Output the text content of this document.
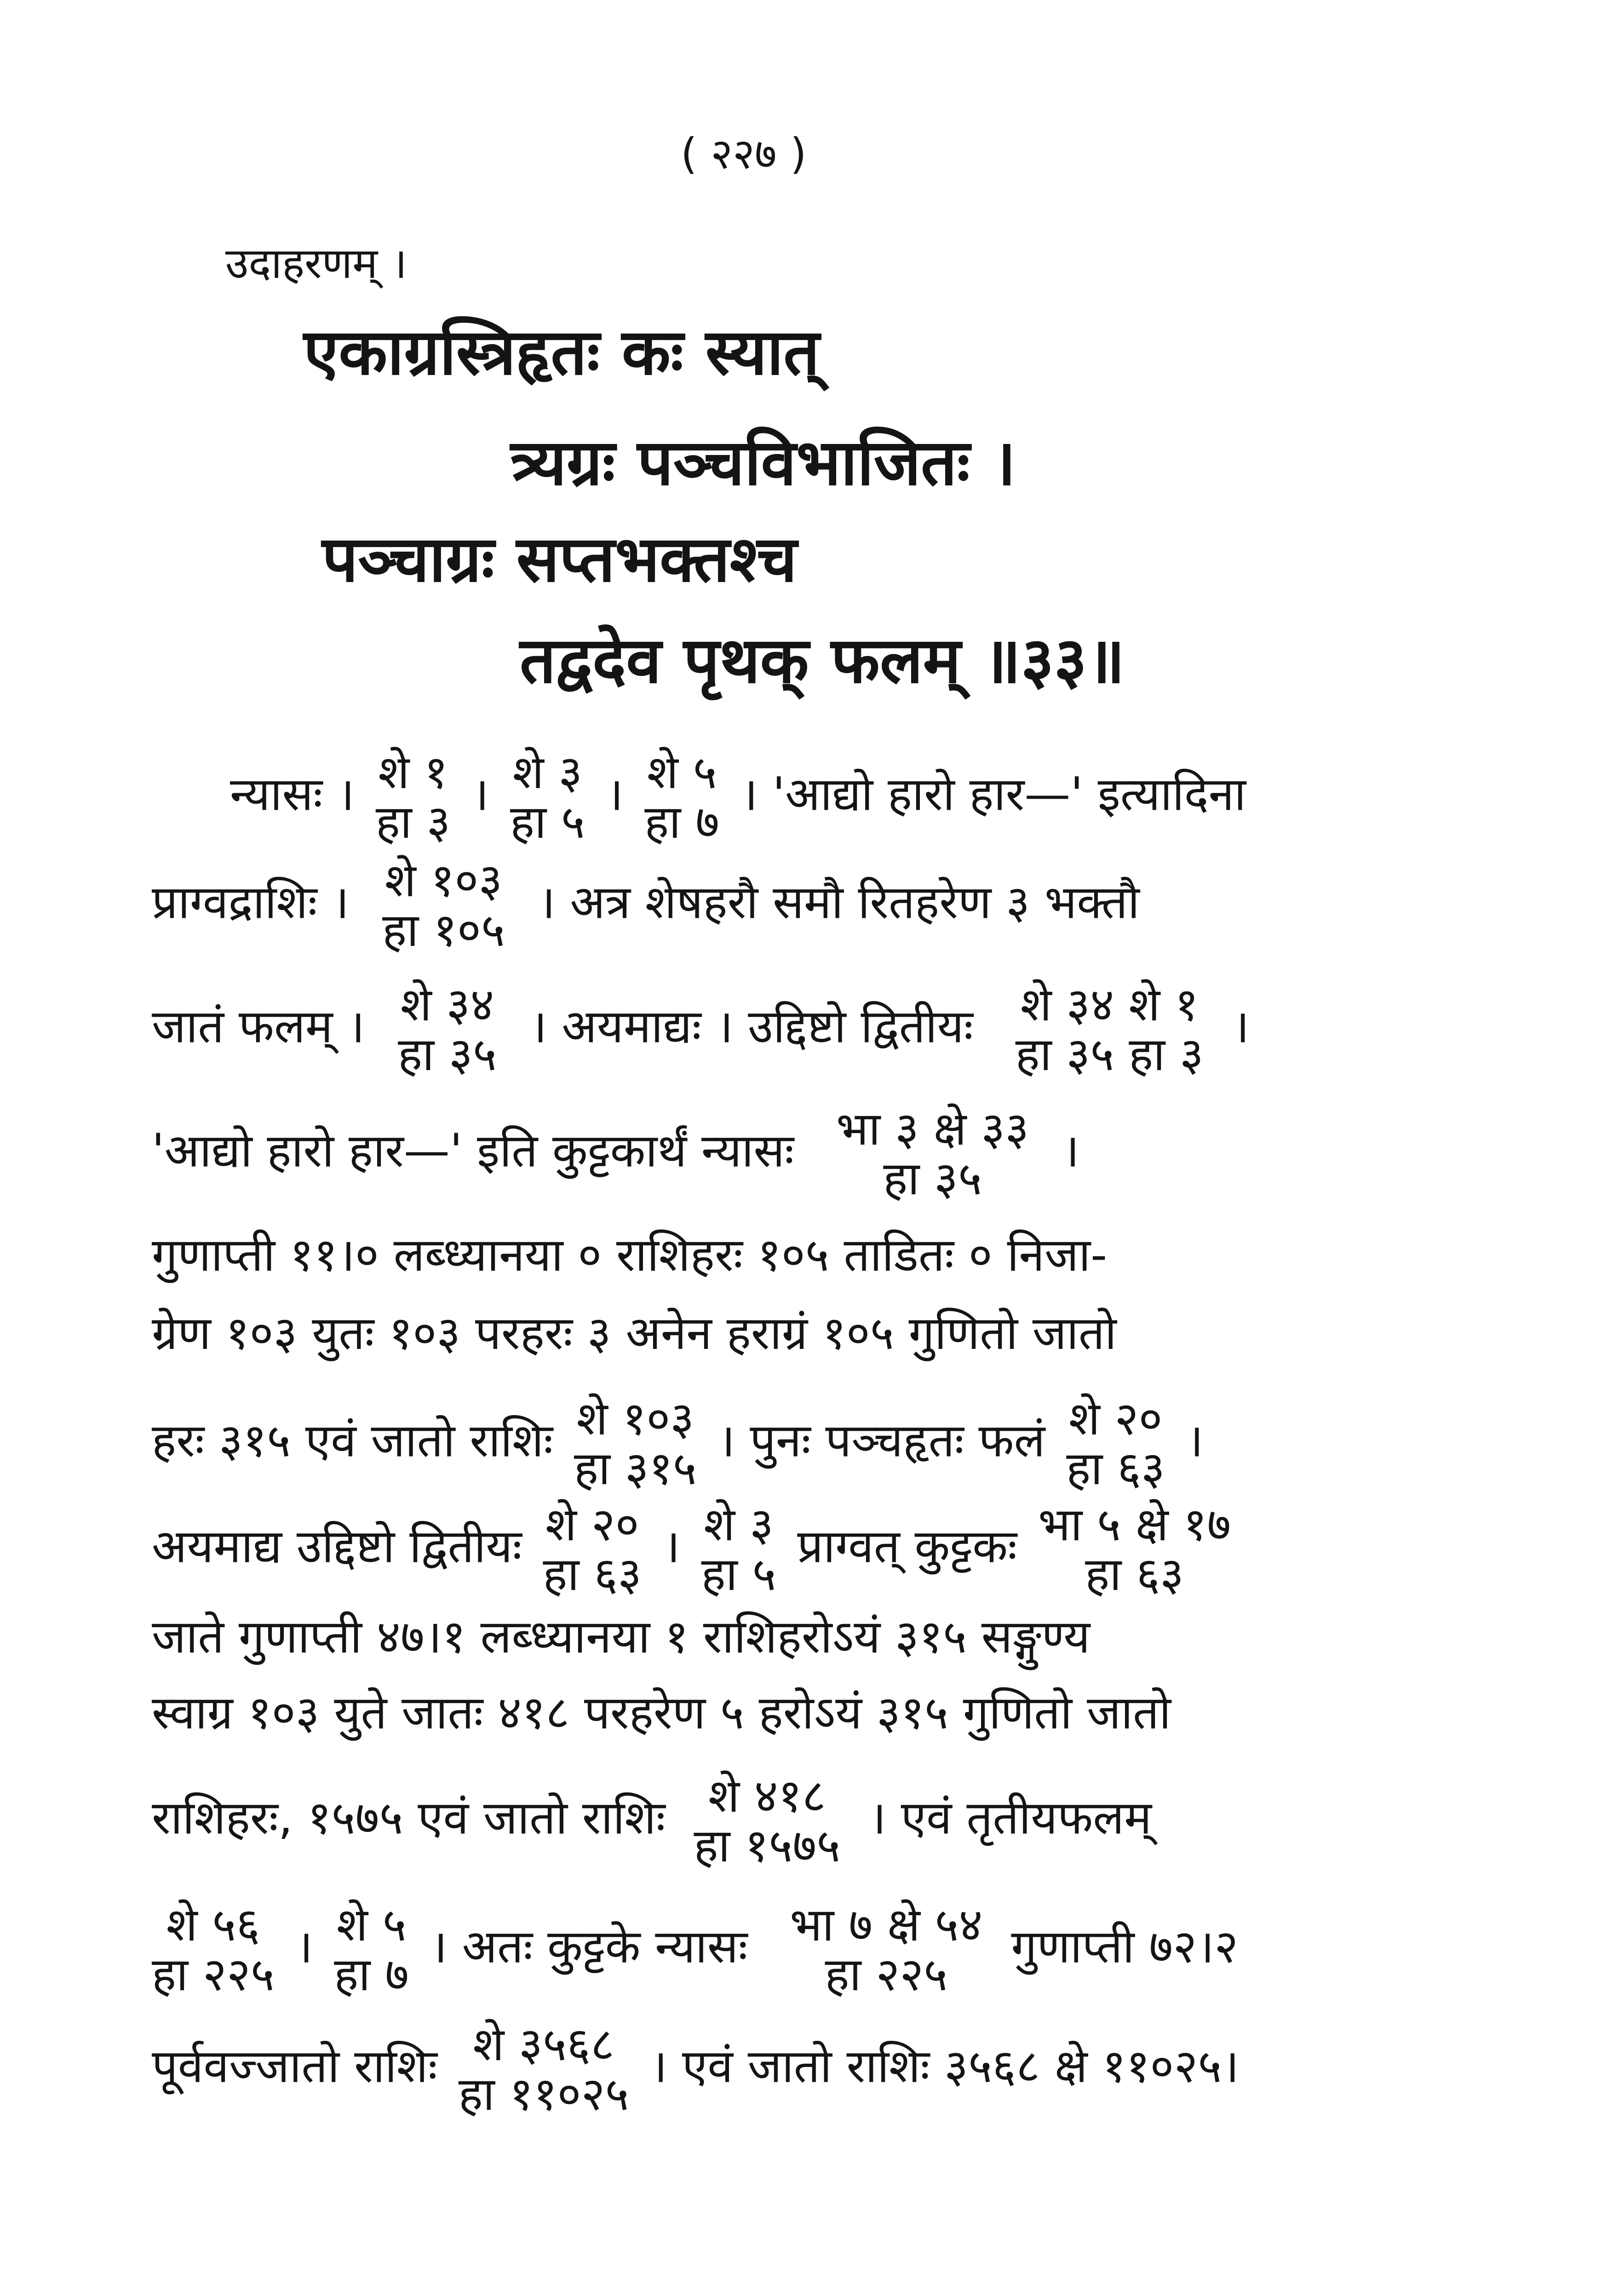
( २२७ )
उदाहरणम् ।
एकाग्रस्त्रिहृतः कः स्यात्
त्र्यग्रः पञ्चविभाजितः ।
पञ्चाग्रः सप्तभक्तश्च
तद्वदेव पृथक् फलम् ॥३३॥
न्यासः । शे १
हा ३
। शे ३
हा ५
। शे ५
हा ७
। 'आद्यो हारो हार—' इत्यादिना
प्राग्वद्राशिः । शे १०३
हा १०५
। अत्र शेषहरौ समौ रितहरेण ३ भक्तौ
जातं फलम् । शे ३४
हा ३५
। अयमाद्यः । उद्दिष्टो द्वितीयः शे ३४ शे १
हा ३५ हा ३
।
'आद्यो हारो हार—' इति कुट्टकार्थं न्यासः भा ३ क्षे ३३
हा ३५
।
गुणाप्ती ११।० लब्ध्यानया ० राशिहरः १०५ ताडितः ० निजा-
ग्रेण १०३ युतः १०३ परहरः ३ अनेन हराग्रं १०५ गुणितो जातो
हरः ३१५ एवं जातो राशिः शे १०३
हा ३१५
। पुनः पञ्चहृतः फलं शे २०
हा ६३
।
अयमाद्य उद्दिष्टो द्वितीयः शे २०
हा ६३
। शे ३
हा ५
प्राग्वत् कुट्टकः भा ५ क्षे १७
हा ६३
जाते गुणाप्ती ४७।१ लब्ध्यानया १ राशिहरोऽयं ३१५ सङ्गुण्य
स्वाग्र १०३ युते जातः ४१८ परहरेण ५ हरोऽयं ३१५ गुणितो जातो
राशिहरः, १५७५ एवं जातो राशिः शे ४१८
हा १५७५
। एवं तृतीयफलम्
शे ५६
हा २२५
। शे ५
हा ७
। अतः कुट्टके न्यासः भा ७ क्षे ५४
हा २२५
गुणाप्ती ७२।२
पूर्ववज्जातो राशिः शे ३५६८
हा ११०२५
। एवं जातो राशिः ३५६८ क्षे ११०२५।
